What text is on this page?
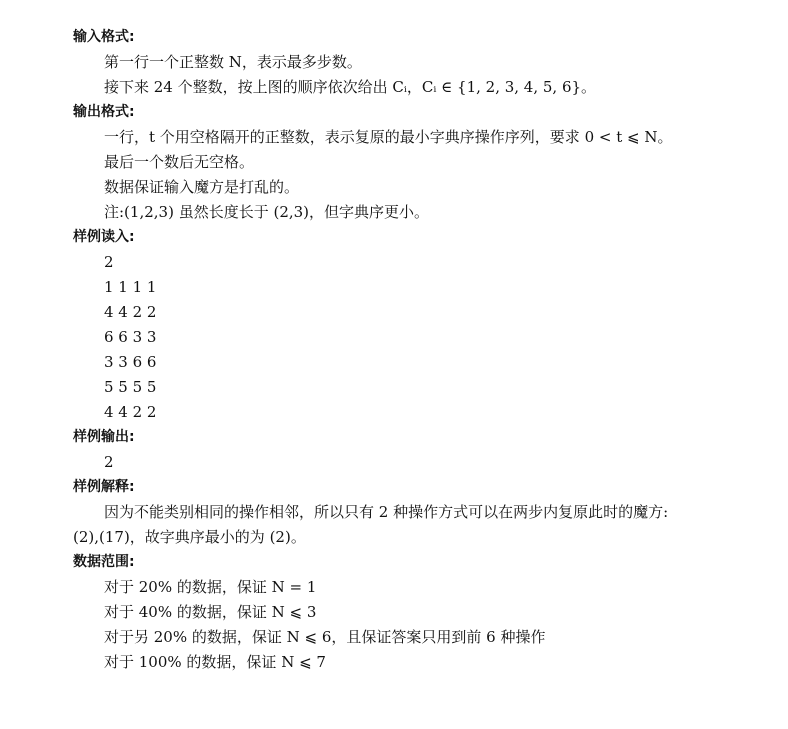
输入格式:
第一行一个正整数 N，表示最多步数。
接下来 24 个整数，按上图的顺序依次给出 Cᵢ，Cᵢ ∈ {1, 2, 3, 4, 5, 6}。
输出格式:
一行，t 个用空格隔开的正整数，表示复原的最小字典序操作序列，要求 0 < t ⩽ N。
最后一个数后无空格。
数据保证输入魔方是打乱的。
注:(1,2,3) 虽然长度长于 (2,3)，但字典序更小。
样例读入:
2
1 1 1 1
4 4 2 2
6 6 3 3
3 3 6 6
5 5 5 5
4 4 2 2
样例输出:
2
样例解释:
因为不能类别相同的操作相邻，所以只有 2 种操作方式可以在两步内复原此时的魔方:
(2),(17)，故字典序最小的为 (2)。
数据范围:
对于 20% 的数据，保证 N = 1
对于 40% 的数据，保证 N ⩽ 3
对于另 20% 的数据，保证 N ⩽ 6，且保证答案只用到前 6 种操作
对于 100% 的数据，保证 N ⩽ 7
